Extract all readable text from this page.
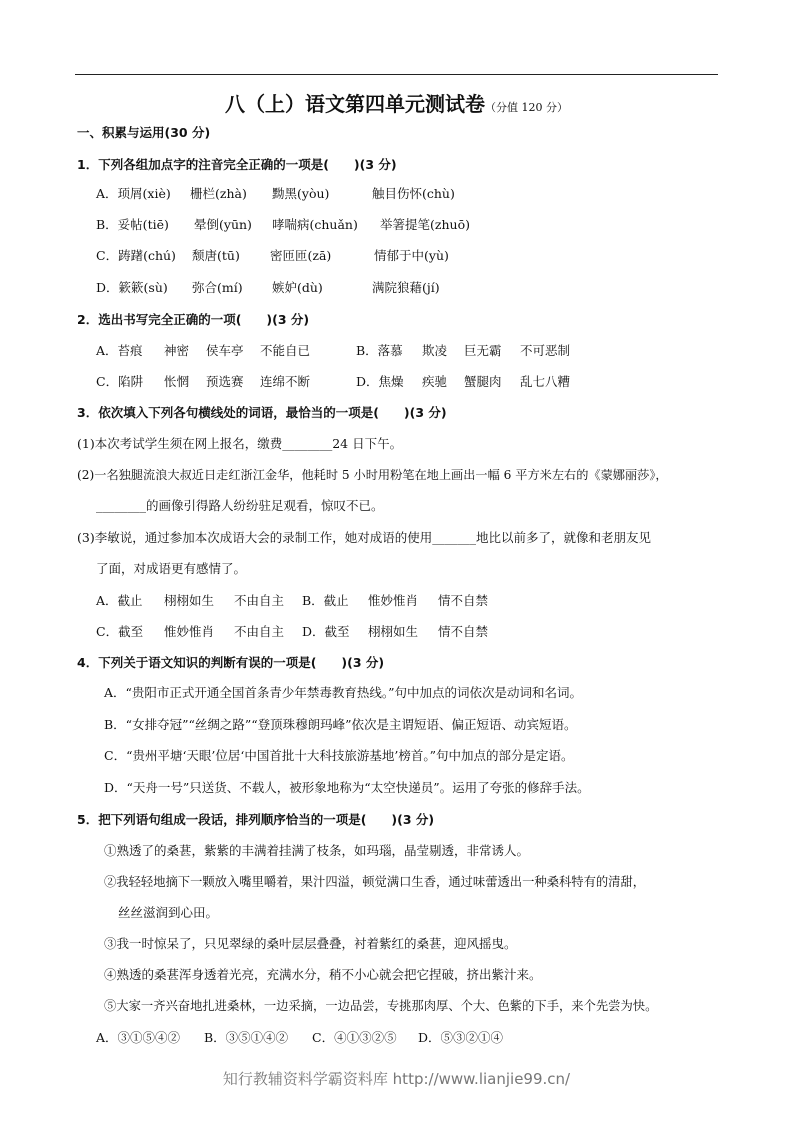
八（上）语文第四单元测试卷（分值 120 分）
一、积累与运用(30 分)
1．下列各组加点字的注音完全正确的一项是(　　)(3 分)
A．顼屑(xiè) 栅栏(zhà) 黝黑(yòu)	触目伤怀(chù)
B．妥帖(tiē) 晕倒(yūn) 哮喘病(chuǎn) 举箸提笔(zhuō)
C．踌躇(chú) 颓唐(tū) 密匝匝(zā)	情郁于中(yù)
D．簌簌(sù) 弥合(mí) 嫉妒(dù)	满院狼藉(jí)
2．选出书写完全正确的一项(　　)(3 分)
A．苔痕 神密 侯车亭 不能自已	B．落慕 欺凌 巨无霸 不可恶制
C．陷阱 怅惘 预选赛 连绵不断	D．焦燥 疾驰 蟹腿肉 乱七八糟
3．依次填入下列各句横线处的词语，最恰当的一项是(　　)(3 分)
(1)本次考试学生须在网上报名，缴费________24 日下午。
(2)一名独腿流浪大叔近日走红浙江金华，他耗时 5 小时用粉笔在地上画出一幅 6 平方米左右的《蒙娜丽莎》，
________的画像引得路人纷纷驻足观看，惊叹不已。
(3)李敏说，通过参加本次成语大会的录制工作，她对成语的使用_______地比以前多了，就像和老朋友见
了面，对成语更有感情了。
A．截止 栩栩如生 不由自主 B．截止 惟妙惟肖 情不自禁
C．截至 惟妙惟肖 不由自主 D．截至 栩栩如生 情不自禁
4．下列关于语文知识的判断有误的一项是(　　)(3 分)
A．“贵阳市正式开通全国首条青少年禁毒教育热线。”句中加点的词依次是动词和名词。
B．“女排夺冠”“丝绸之路”“登顶珠穆朗玛峰”依次是主谓短语、偏正短语、动宾短语。
C．“贵州平塘‘天眼’位居‘中国首批十大科技旅游基地’榜首。”句中加点的部分是定语。
D．“天舟一号”只送货、不载人，被形象地称为“太空快递员”。运用了夸张的修辞手法。
5．把下列语句组成一段话，排列顺序恰当的一项是(　　)(3 分)
①熟透了的桑葚，紫紫的丰满着挂满了枝条，如玛瑙，晶莹剔透，非常诱人。
②我轻轻地摘下一颗放入嘴里嚼着，果汁四溢，顿觉满口生香，通过味蕾透出一种桑科特有的清甜，
丝丝滋润到心田。
③我一时惊呆了，只见翠绿的桑叶层层叠叠，衬着紫红的桑葚，迎风摇曳。
④熟透的桑葚浑身透着光亮，充满水分，稍不小心就会把它捏破，挤出紫汁来。
⑤大家一齐兴奋地扎进桑林，一边采摘，一边品尝，专挑那肉厚、个大、色紫的下手，来个先尝为快。
A．③①⑤④② B．③⑤①④② C．④①③②⑤ D．⑤③②①④
知行教辅资料学霸资料库 http://www.lianjie99.cn/
